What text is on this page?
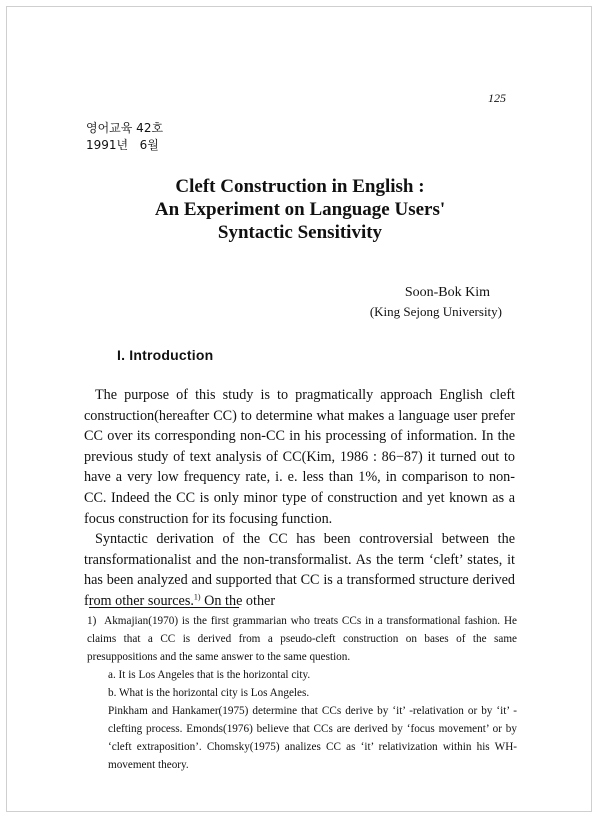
125
영어교육 42호
1991년   6월
Cleft Construction in English :
An Experiment on Language Users'
Syntactic Sensitivity
Soon-Bok Kim
(King Sejong University)
I. Introduction

The purpose of this study is to pragmatically approach English cleft construction(hereafter CC) to determine what makes a language user prefer CC over its corresponding non-CC in his processing of information. In the previous study of text analysis of CC(Kim, 1986 : 86−87) it turned out to have a very low frequency rate, i. e. less than 1%, in comparison to non-CC. Indeed the CC is only minor type of construction and yet known as a focus construction for its focusing function.

Syntactic derivation of the CC has been controversial between the transformationalist and the non-transformalist. As the term ‘cleft’ states, it has been analyzed and supported that CC is a transformed structure derived from other sources.$^{1)}$ On the other

1) Akmajian(1970) is the first grammarian who treats CCs in a transformational fashion. He claims that a CC is derived from a pseudo-cleft construction on bases of the same presuppositions and the same answer to the same question.

a. It is Los Angeles that is the horizontal city.

b. What is the horizontal city is Los Angeles.

Pinkham and Hankamer(1975) determine that CCs derive by ‘it’ -relativation or by ‘it’ -clefting process. Emonds(1976) believe that CCs are derived by ‘focus movement’ or by ‘cleft extraposition’. Chomsky(1975) analizes CC as ‘it’ relativization within his WH-movement theory.
